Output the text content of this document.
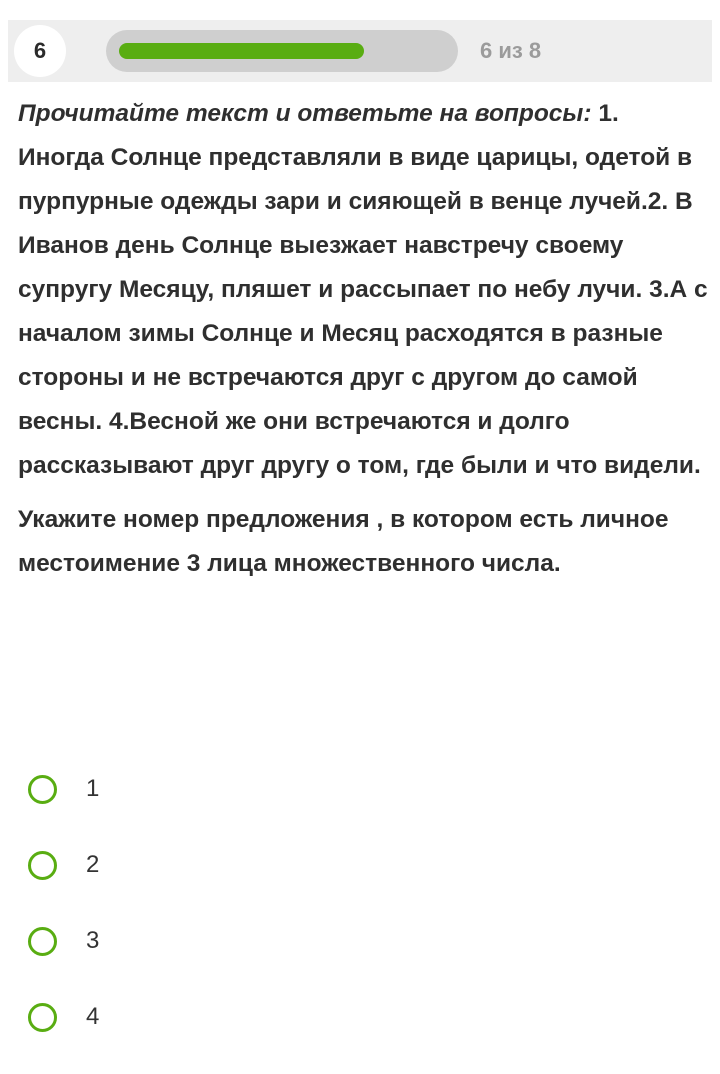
6	6 из 8

Прочитайте текст и ответьте на вопросы: 1. Иногда Солнце представляли в виде царицы, одетой в пурпурные одежды зари и сияющей в венце лучей.2. В Иванов день Солнце выезжает навстречу своему супругу Месяцу, пляшет и рассыпает по небу лучи. 3.А с началом зимы Солнце и Месяц расходятся в разные стороны и не встречаются друг с другом до самой весны. 4.Весной же они встречаются и долго рассказывают друг другу о том, где были и что видели.

Укажите номер предложения , в котором есть личное местоимение 3 лица множественного числа.

1
2
3
4
